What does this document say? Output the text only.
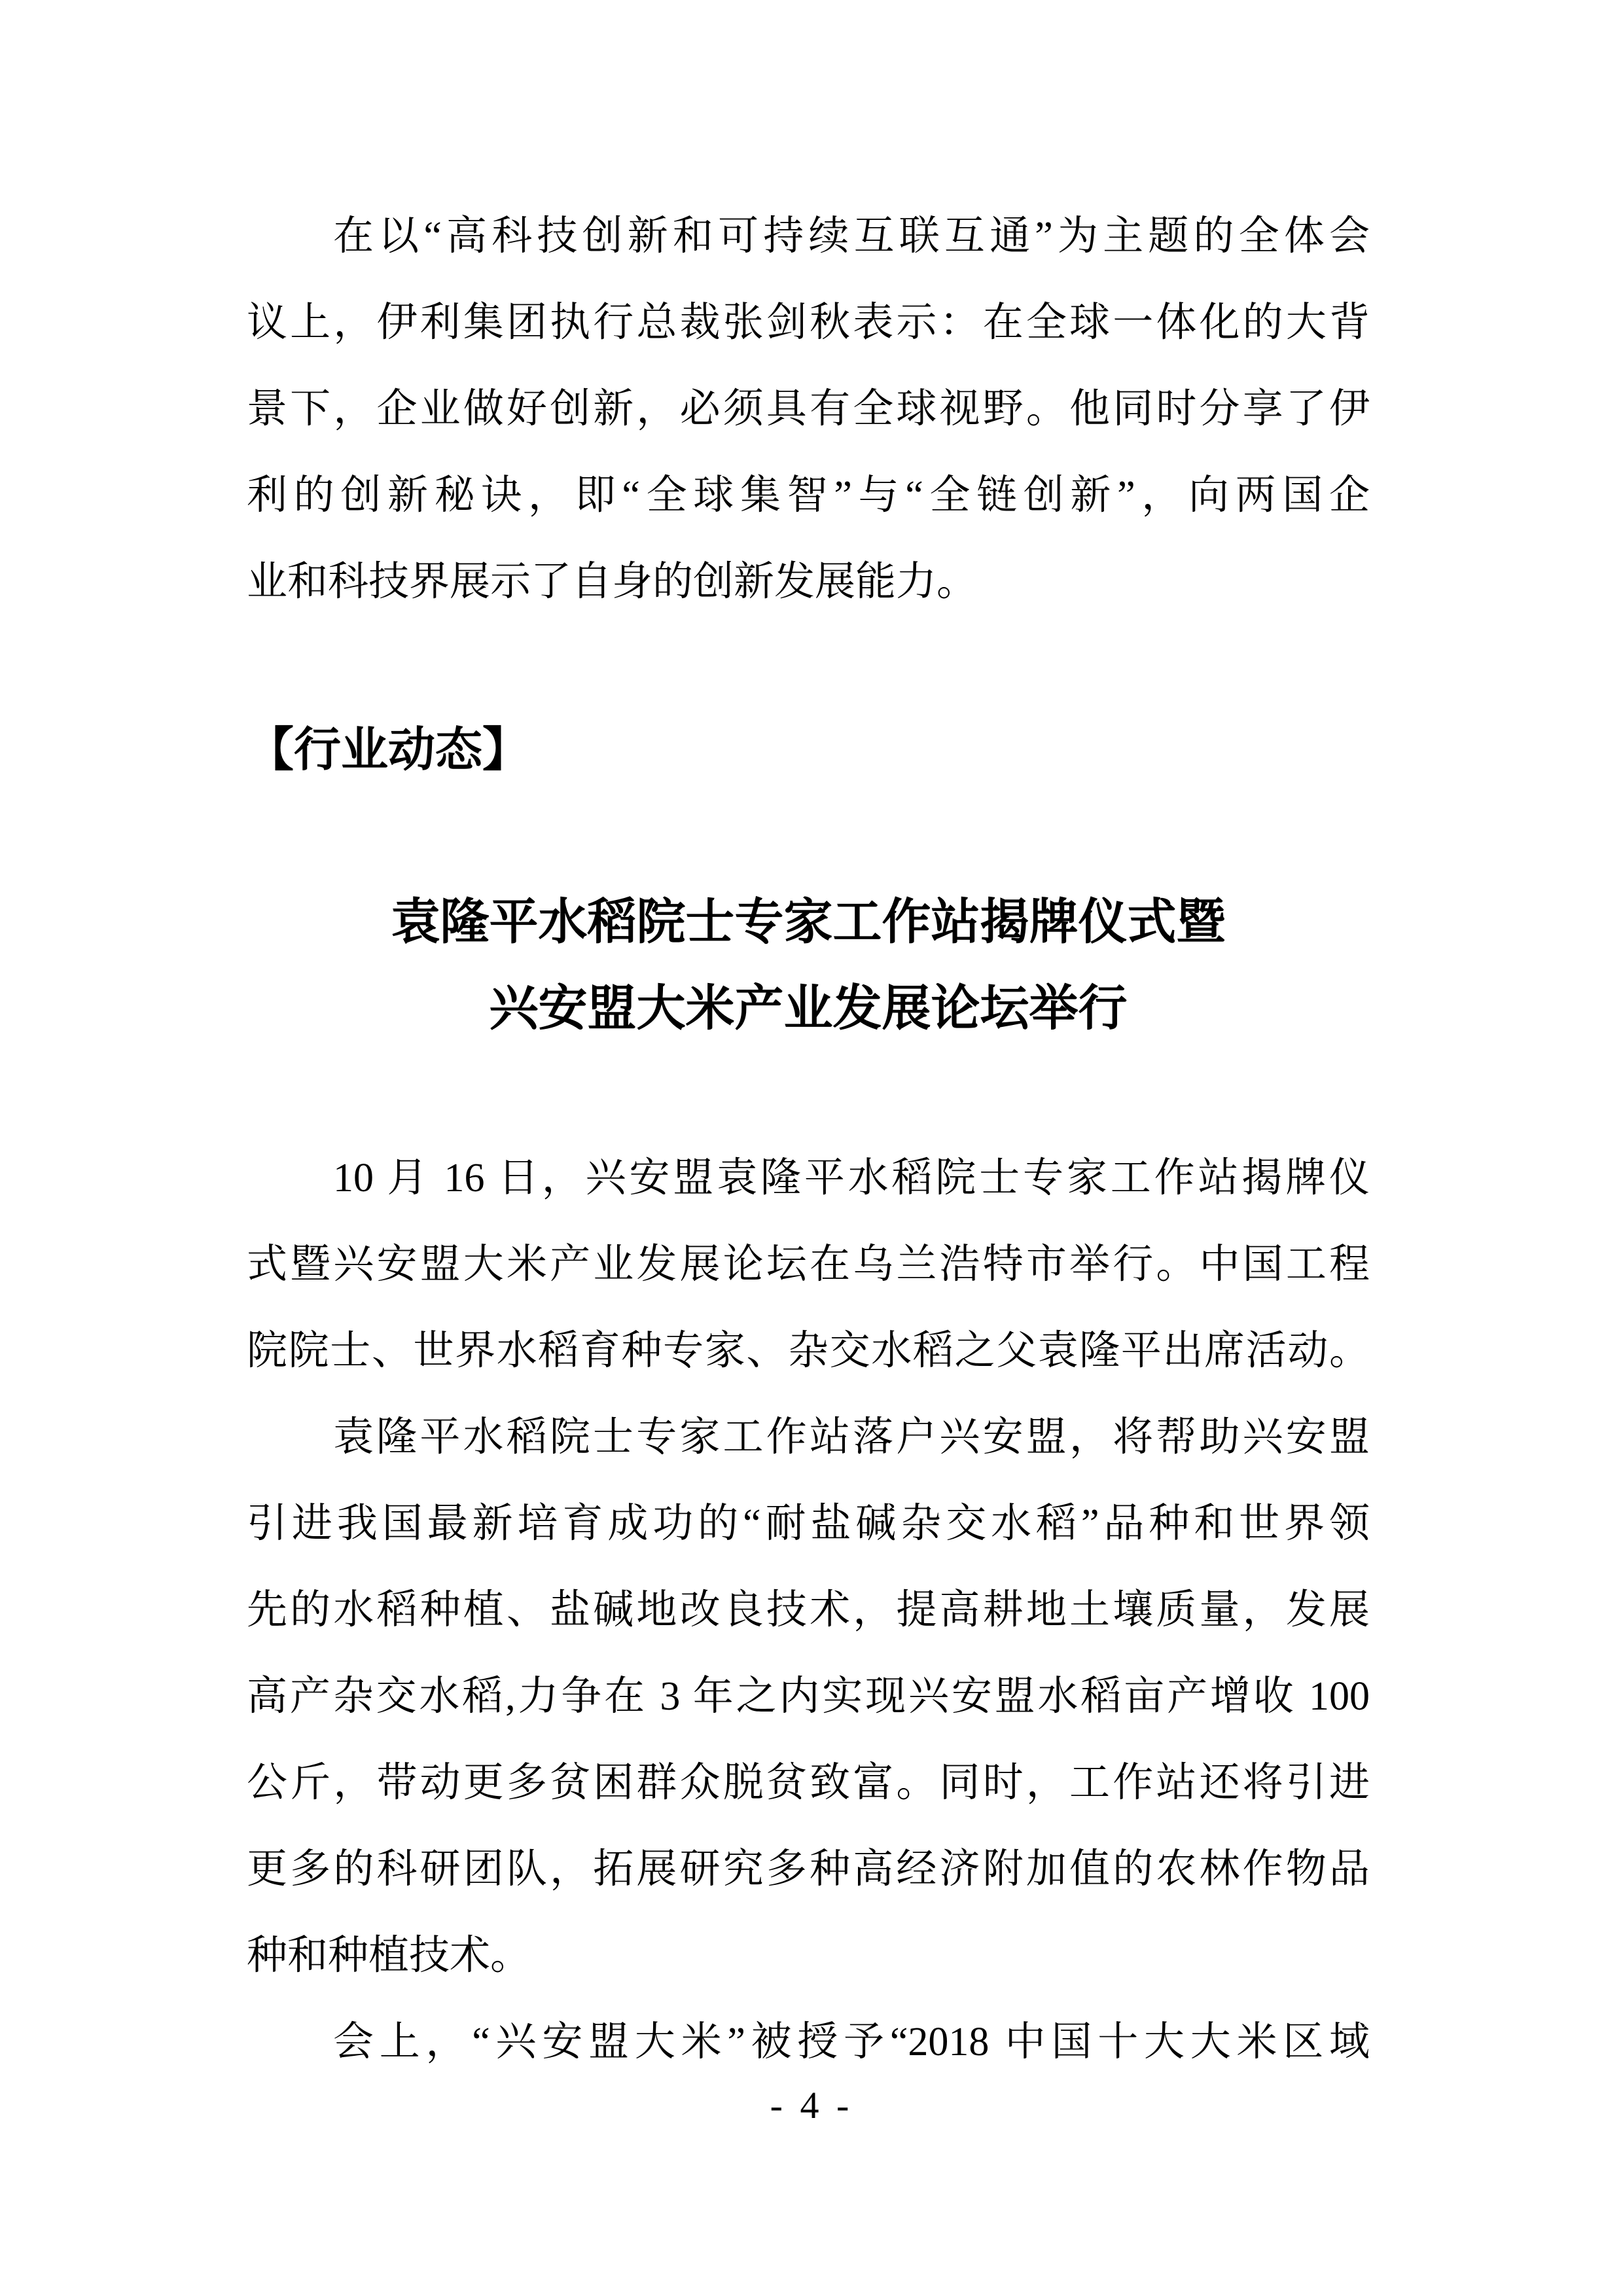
在以“高科技创新和可持续互联互通”为主题的全体会
议上，伊利集团执行总裁张剑秋表示：在全球一体化的大背
景下，企业做好创新，必须具有全球视野。他同时分享了伊
利的创新秘诀，即“全球集智”与“全链创新”，向两国企
业和科技界展示了自身的创新发展能力。
【行业动态】
袁隆平水稻院士专家工作站揭牌仪式暨
兴安盟大米产业发展论坛举行
10 月 16 日，兴安盟袁隆平水稻院士专家工作站揭牌仪
式暨兴安盟大米产业发展论坛在乌兰浩特市举行。中国工程
院院士、世界水稻育种专家、杂交水稻之父袁隆平出席活动。
袁隆平水稻院士专家工作站落户兴安盟，将帮助兴安盟
引进我国最新培育成功的“耐盐碱杂交水稻”品种和世界领
先的水稻种植、盐碱地改良技术，提高耕地土壤质量，发展
高产杂交水稻,力争在 3 年之内实现兴安盟水稻亩产增收 100
公斤，带动更多贫困群众脱贫致富。同时，工作站还将引进
更多的科研团队，拓展研究多种高经济附加值的农林作物品
种和种植技术。
会上，“兴安盟大米”被授予“2018 中国十大大米区域
- 4 -
